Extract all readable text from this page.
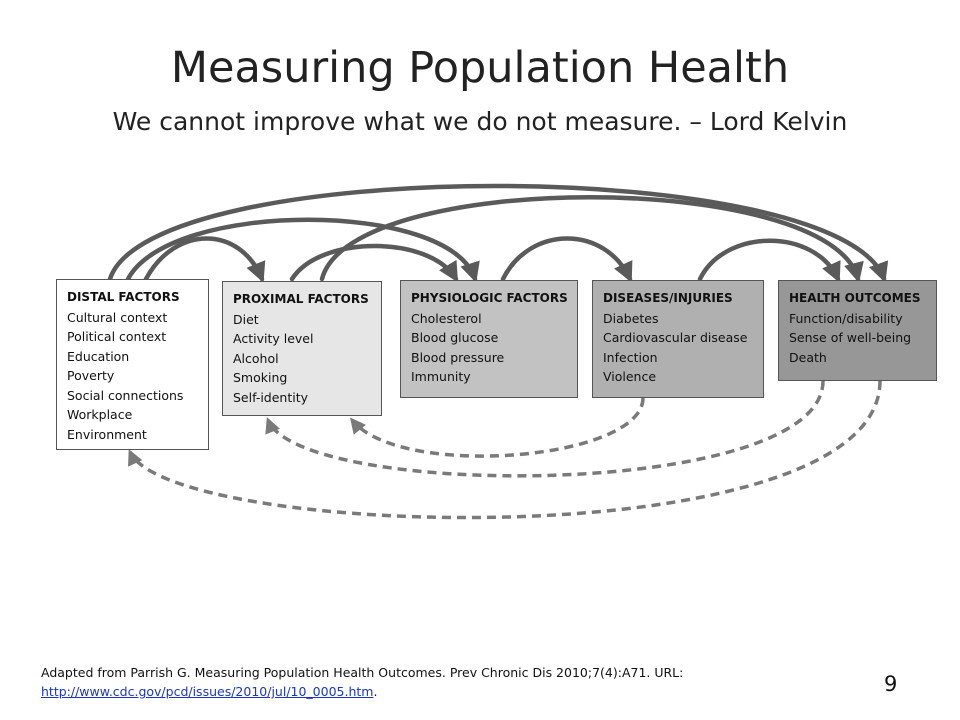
Measuring Population Health
We cannot improve what we do not measure. – Lord Kelvin
DISTAL FACTORS
Cultural context
Political context
Education
Poverty
Social connections
Workplace
Environment
PROXIMAL FACTORS
Diet
Activity level
Alcohol
Smoking
Self-identity
PHYSIOLOGIC FACTORS
Cholesterol
Blood glucose
Blood pressure
Immunity
DISEASES/INJURIES
Diabetes
Cardiovascular disease
Infection
Violence
HEALTH OUTCOMES
Function/disability
Sense of well-being
Death
Adapted from Parrish G. Measuring Population Health Outcomes. Prev Chronic Dis 2010;7(4):A71. URL: http://www.cdc.gov/pcd/issues/2010/jul/10_0005.htm.	9
